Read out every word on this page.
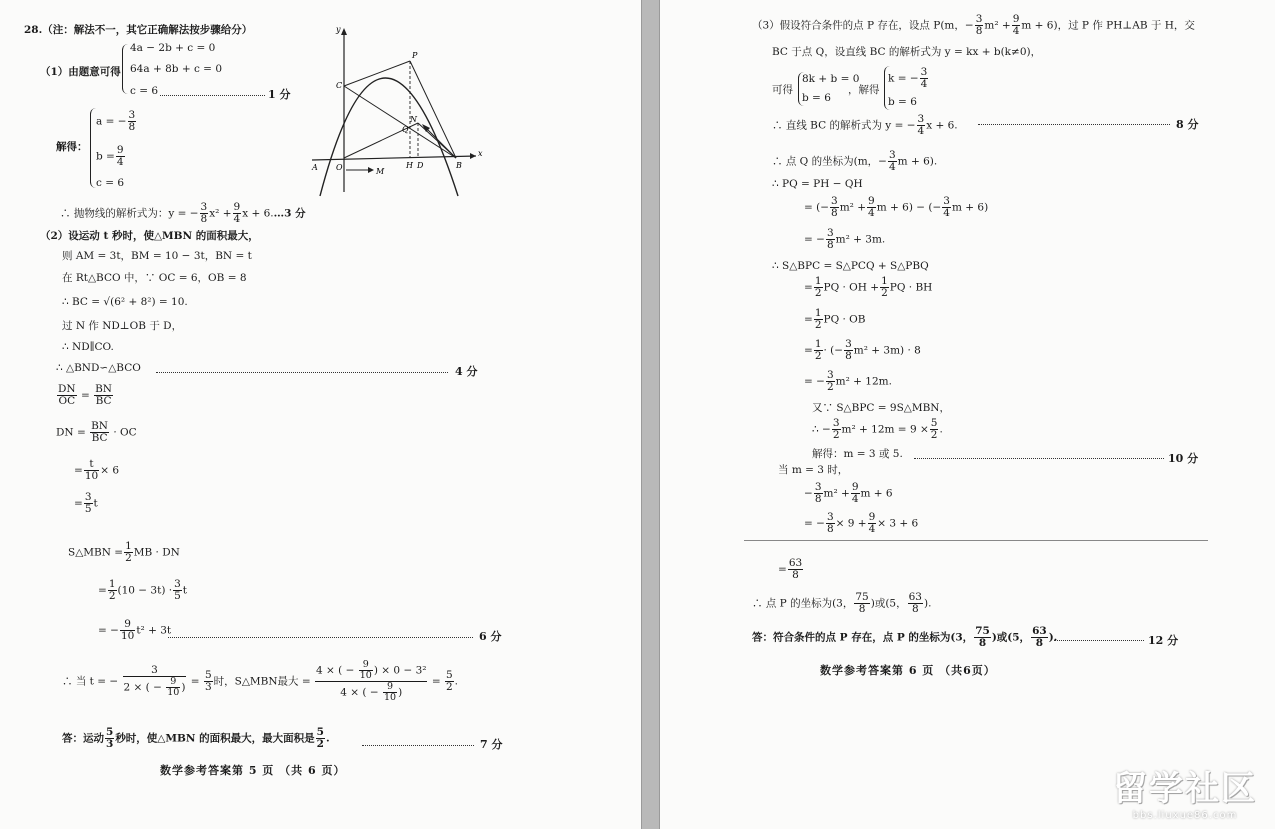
28.（注：解法不一，其它正确解法按步骤给分）
（1）由题意可得
4a − 2b + c = 0
64a + 8b + c = 0
c = 6	1 分
解得：
a = − $\frac{3}{8}$
$b = \frac{9}{4}$
c = 6
∴ 抛物线的解析式为：y = − $\frac{3}{8} x^2 + \frac{9}{4}$ x + 6.…3 分
y
x
O
A	B
C
P
N
Q
H D
M
（2）设运动 t 秒时，使△MBN 的面积最大，
则 AM = 3t，BM = 10 − 3t，BN = t
在 Rt△BCO 中，∵ OC = 6，OB = 8
∴ BC = √(6² + 8²) = 10.
过 N 作 ND⊥OB 于 D，
∴ ND∥CO.
∴ △BND∽△BCO	4 分
$\frac{DN}{OC} = \frac{BN}{BC}$
DN = $\frac{BN}{BC}$ · OC
= $\frac{t}{10} \times 6$
= $\frac{3}{5}$ t
S△MBN = $\frac{1}{2}$ MB · DN
= $\frac{1}{2} (10 - 3t) \cdot \frac{3}{5}$ t
= − $\frac{9}{10} t^2 + 3t$	6 分
∴ 当 t = − $\frac{3}{2 \times ( - \frac{9}{10} )} = \frac{5}{3}$ 时，S△MBN最大 = $\frac{4 \times ( - \frac{9}{10} ) \times 0 - 3^2}{4 \times ( - \frac{9}{10} )} = \frac{5}{2}$ .
答：运动 $\frac{5}{3}$ 秒时，使△MBN 的面积最大，最大面积是 $\frac{5}{2}$ .	7 分
数学参考答案第 5 页 （共 6 页）
（3）假设符合条件的点 P 存在，设点 P(m，− $\frac{3}{8} m^2 + \frac{9}{4}$ m + 6)，过 P 作 PH⊥AB 于 H，交
BC 于点 Q，设直线 BC 的解析式为 y = kx + b(k≠0)，
可得
8k + b = 0
b = 6
，解得
k = − $\frac{3}{4}$
b = 6
∴ 直线 BC 的解析式为 y = − $\frac{3}{4}$ x + 6.	8 分
∴ 点 Q 的坐标为(m，− $\frac{3}{4}$ m + 6).
∴ PQ = PH − QH
= (− $\frac{3}{8} m^2 + \frac{9}{4}$ m + 6) − (− $\frac{3}{4}$ m + 6)
= − $\frac{3}{8} m^2 + 3m$.
∴ S△BPC = S△PCQ + S△PBQ
= $\frac{1}{2}$ PQ · OH + $\frac{1}{2}$ PQ · BH
= $\frac{1}{2}$ PQ · OB
= $\frac{1}{2}$ · (− $\frac{3}{8} m^2 + 3m) \cdot 8$
= − $\frac{3}{2} m^2 + 12m$.
又∵ S△BPC = 9S△MBN，
∴ − $\frac{3}{2} m^2 + 12m = 9 \times \frac{5}{2}$ .
解得：m = 3 或 5.	10 分
当 m = 3 时，
− $\frac{3}{8} m^2 + \frac{9}{4}$ m + 6
= − $\frac{3}{8} \times 9 + \frac{9}{4} \times 3 + 6$
= $\frac{63}{8}$
∴ 点 P 的坐标为(3， $\frac{75}{8}$ )或(5， $\frac{63}{8}$ ).
答：符合条件的点 P 存在，点 P 的坐标为(3， $\frac{75}{8}$ )或(5， $\frac{63}{8}$ ).	12 分
数学参考答案第 6 页 （共6页）
留学社区
bbs.liuxue86.com
